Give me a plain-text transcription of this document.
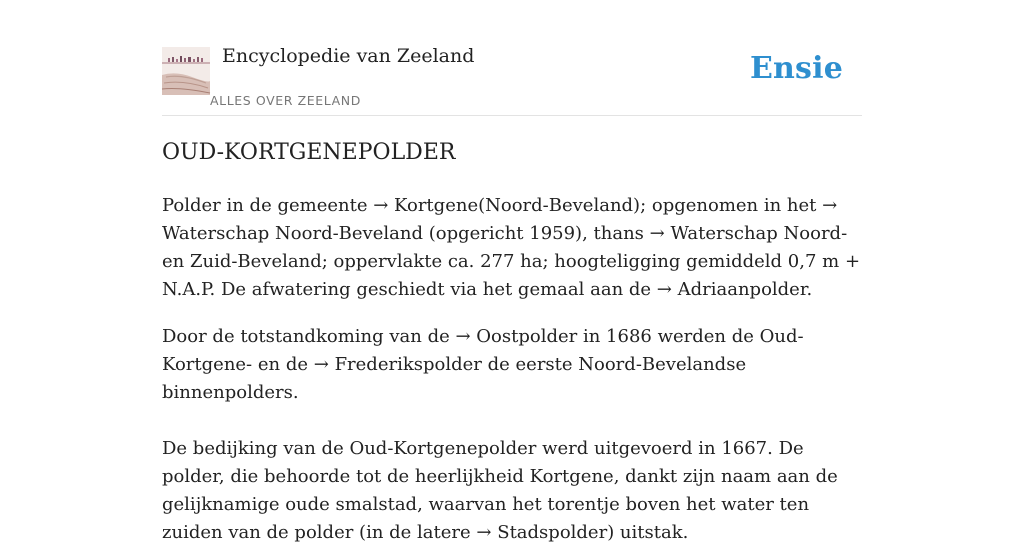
Encyclopedie van Zeeland
ALLES OVER ZEELAND
Ensie
OUD-KORTGENEPOLDER

Polder in de gemeente → Kortgene(Noord-Beveland); opgenomen in het → Waterschap Noord-Beveland (opgericht 1959), thans → Waterschap Noord- en Zuid-Beveland; oppervlakte ca. 277 ha; hoogteligging gemiddeld 0,7 m + N.A.P. De afwatering geschiedt via het gemaal aan de → Adriaanpolder.

Door de totstandkoming van de → Oostpolder in 1686 werden de Oud-Kortgene- en de → Frederikspolder de eerste Noord-Bevelandse binnenpolders.

De bedijking van de Oud-Kortgenepolder werd uitgevoerd in 1667. De polder, die behoorde tot de heerlijkheid Kortgene, dankt zijn naam aan de gelijknamige oude smalstad, waarvan het torentje boven het water ten zuiden van de polder (in de latere → Stadspolder) uitstak.
